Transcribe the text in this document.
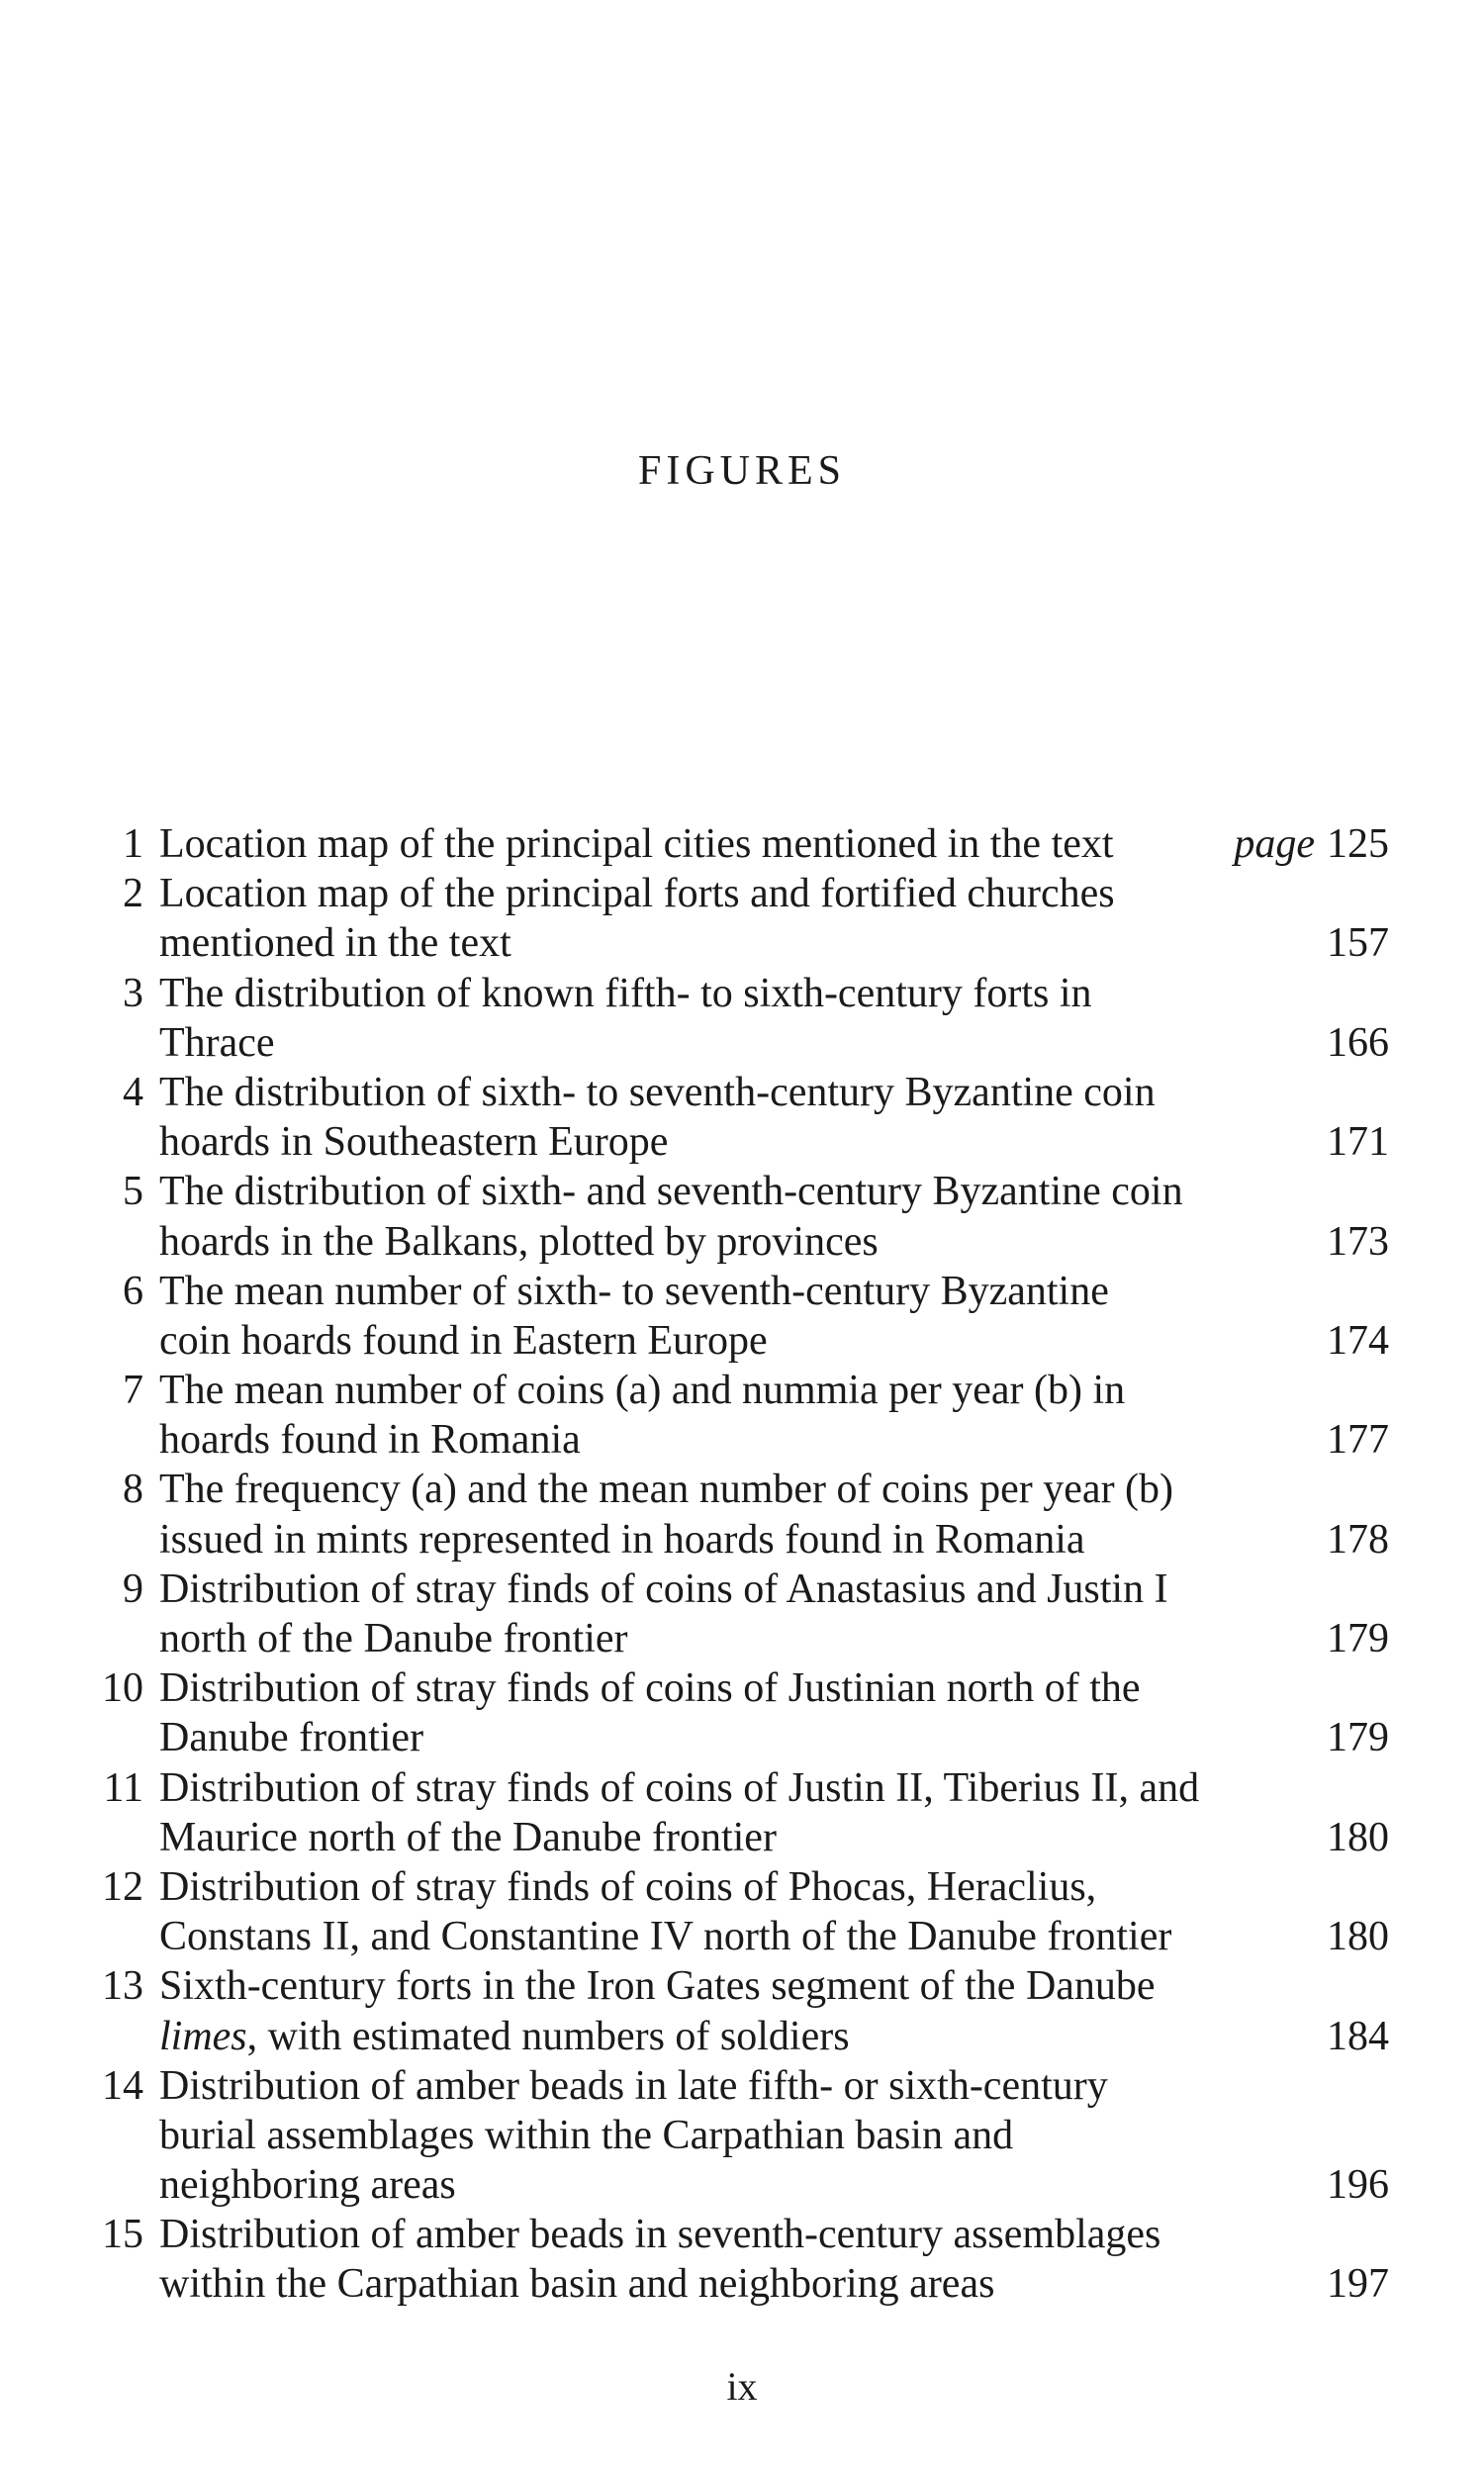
FIGURES
1 Location map of the principal cities mentioned in the text	page 125
2 Location map of the principal forts and fortified churches
mentioned in the text	157
3 The distribution of known fifth- to sixth-century forts in
Thrace	166
4 The distribution of sixth- to seventh-century Byzantine coin
hoards in Southeastern Europe	171
5 The distribution of sixth- and seventh-century Byzantine coin
hoards in the Balkans, plotted by provinces	173
6 The mean number of sixth- to seventh-century Byzantine
coin hoards found in Eastern Europe	174
7 The mean number of coins (a) and nummia per year (b) in
hoards found in Romania	177
8 The frequency (a) and the mean number of coins per year (b)
issued in mints represented in hoards found in Romania	178
9 Distribution of stray finds of coins of Anastasius and Justin I
north of the Danube frontier	179
10 Distribution of stray finds of coins of Justinian north of the
Danube frontier	179
11 Distribution of stray finds of coins of Justin II, Tiberius II, and
Maurice north of the Danube frontier	180
12 Distribution of stray finds of coins of Phocas, Heraclius,
Constans II, and Constantine IV north of the Danube frontier	180
13 Sixth-century forts in the Iron Gates segment of the Danube
limes, with estimated numbers of soldiers	184
14 Distribution of amber beads in late fifth- or sixth-century
burial assemblages within the Carpathian basin and
neighboring areas	196
15 Distribution of amber beads in seventh-century assemblages
within the Carpathian basin and neighboring areas	197
ix
